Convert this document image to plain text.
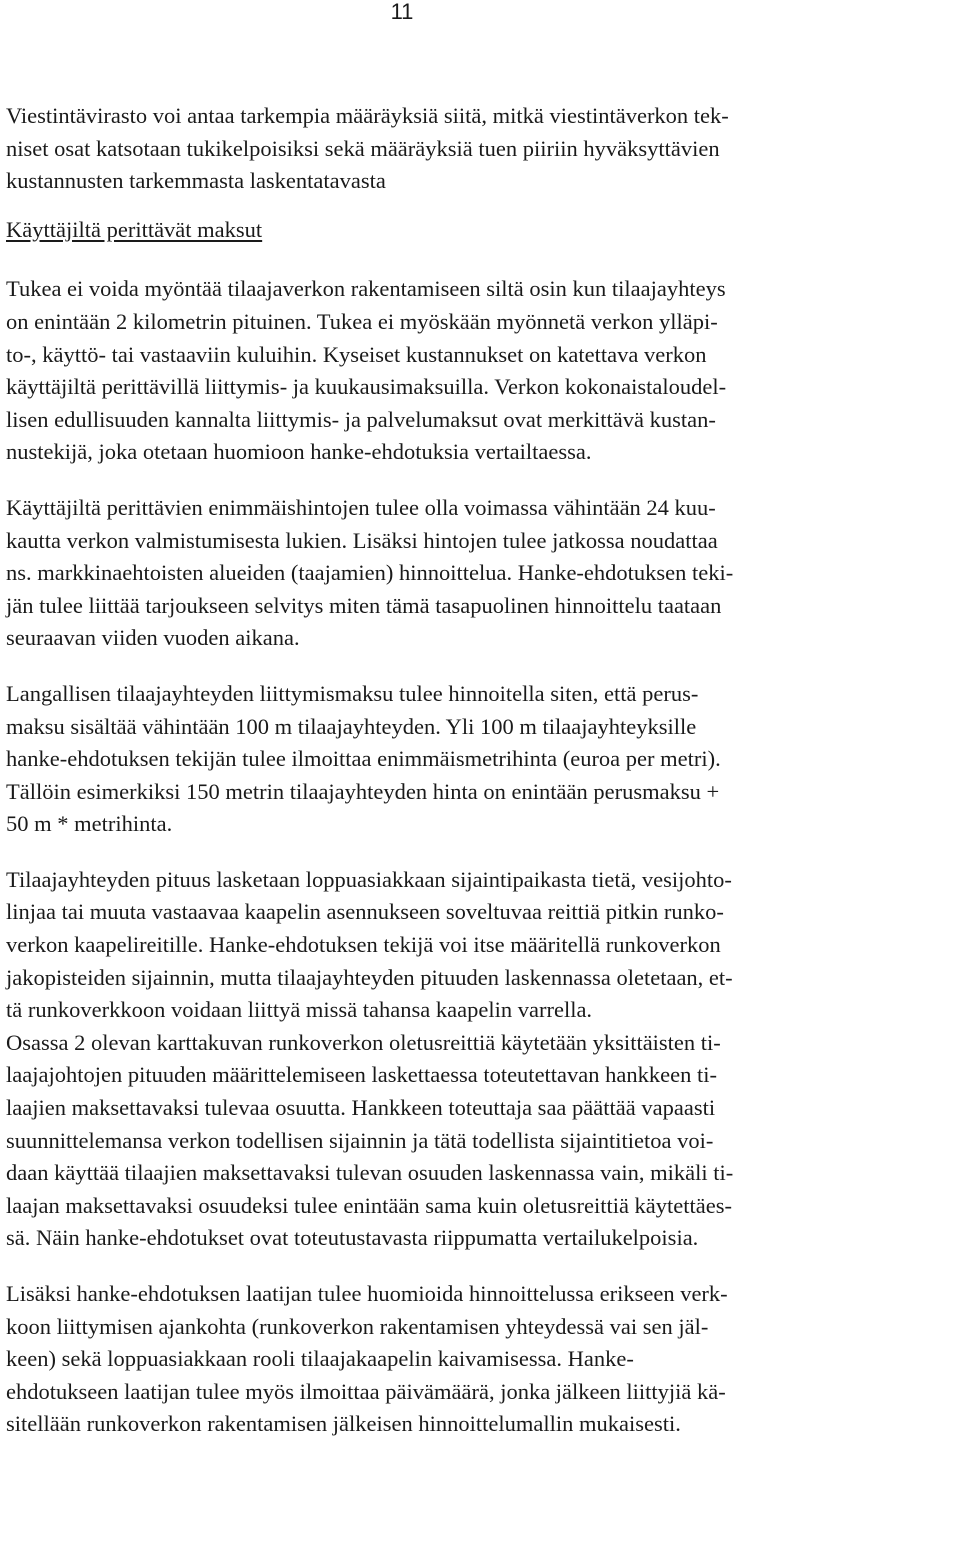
11

Viestintävirasto voi antaa tarkempia määräyksiä siitä, mitkä viestintäverkon tek-
niset osat katsotaan tukikelpoisiksi sekä määräyksiä tuen piiriin hyväksyttävien
kustannusten tarkemmasta laskentatavasta

Käyttäjiltä perittävät maksut

Tukea ei voida myöntää tilaajaverkon rakentamiseen siltä osin kun tilaajayhteys
on enintään 2 kilometrin pituinen. Tukea ei myöskään myönnetä verkon ylläpi-
to-, käyttö- tai vastaaviin kuluihin. Kyseiset kustannukset on katettava verkon
käyttäjiltä perittävillä liittymis- ja kuukausimaksuilla. Verkon kokonaistaloudel-
lisen edullisuuden kannalta liittymis- ja palvelumaksut ovat merkittävä kustan-
nustekijä, joka otetaan huomioon hanke-ehdotuksia vertailtaessa.

Käyttäjiltä perittävien enimmäishintojen tulee olla voimassa vähintään 24 kuu-
kautta verkon valmistumisesta lukien. Lisäksi hintojen tulee jatkossa noudattaa
ns. markkinaehtoisten alueiden (taajamien) hinnoittelua. Hanke-ehdotuksen teki-
jän tulee liittää tarjoukseen selvitys miten tämä tasapuolinen hinnoittelu taataan
seuraavan viiden vuoden aikana.

Langallisen tilaajayhteyden liittymismaksu tulee hinnoitella siten, että perus-
maksu sisältää vähintään 100 m tilaajayhteyden. Yli 100 m tilaajayhteyksille
hanke-ehdotuksen tekijän tulee ilmoittaa enimmäismetrihinta (euroa per metri).
Tällöin esimerkiksi 150 metrin tilaajayhteyden hinta on enintään perusmaksu +
50 m * metrihinta.

Tilaajayhteyden pituus lasketaan loppuasiakkaan sijaintipaikasta tietä, vesijohto-
linjaa tai muuta vastaavaa kaapelin asennukseen soveltuvaa reittiä pitkin runko-
verkon kaapelireitille. Hanke-ehdotuksen tekijä voi itse määritellä runkoverkon
jakopisteiden sijainnin, mutta tilaajayhteyden pituuden laskennassa oletetaan, et-
tä runkoverkkoon voidaan liittyä missä tahansa kaapelin varrella.

Osassa 2 olevan karttakuvan runkoverkon oletusreittiä käytetään yksittäisten ti-
laajajohtojen pituuden määrittelemiseen laskettaessa toteutettavan hankkeen ti-
laajien maksettavaksi tulevaa osuutta. Hankkeen toteuttaja saa päättää vapaasti
suunnittelemansa verkon todellisen sijainnin ja tätä todellista sijaintitietoa voi-
daan käyttää tilaajien maksettavaksi tulevan osuuden laskennassa vain, mikäli ti-
laajan maksettavaksi osuudeksi tulee enintään sama kuin oletusreittiä käytettäes-
sä. Näin hanke-ehdotukset ovat toteutustavasta riippumatta vertailukelpoisia.

Lisäksi hanke-ehdotuksen laatijan tulee huomioida hinnoittelussa erikseen verk-
koon liittymisen ajankohta (runkoverkon rakentamisen yhteydessä vai sen jäl-
keen) sekä loppuasiakkaan rooli tilaajakaapelin kaivamisessa. Hanke-
ehdotukseen laatijan tulee myös ilmoittaa päivämäärä, jonka jälkeen liittyjiä kä-
sitellään runkoverkon rakentamisen jälkeisen hinnoittelumallin mukaisesti.
